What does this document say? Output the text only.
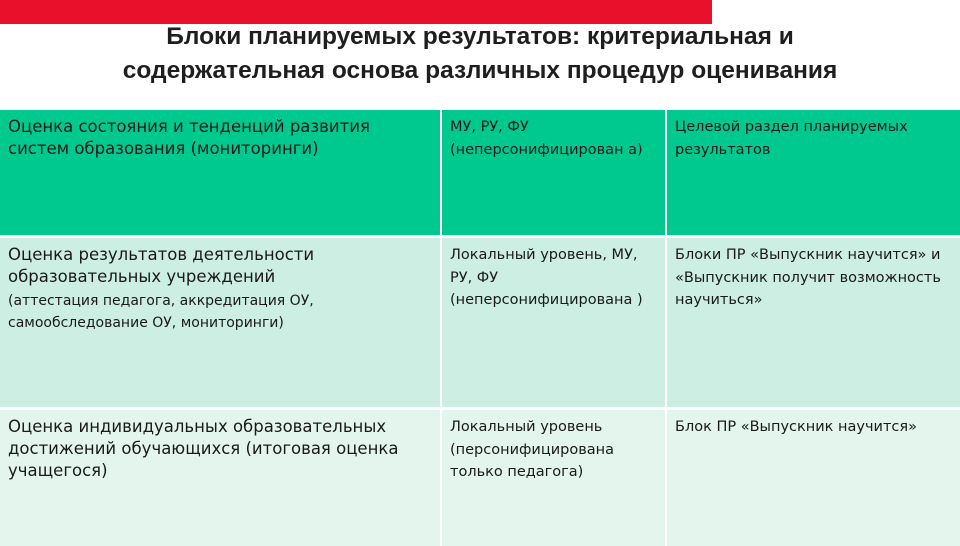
Блоки планируемых результатов: критериальная и
содержательная основа различных процедур оценивания
Оценка состояния и тенденций развития систем образования (мониторинги)	МУ, РУ, ФУ (неперсонифицирован а)	Целевой раздел планируемых результатов

Оценка результатов деятельности образовательных учреждений
(аттестация педагога, аккредитация ОУ, самообследование ОУ, мониторинги)	Локальный уровень, МУ, РУ, ФУ (неперсонифицирована )	Блоки ПР «Выпускник научится» и «Выпускник получит возможность научиться»

Оценка индивидуальных образовательных достижений обучающихся (итоговая оценка учащегося)	Локальный уровень (персонифицирована только педагога)	Блок ПР «Выпускник научится»
